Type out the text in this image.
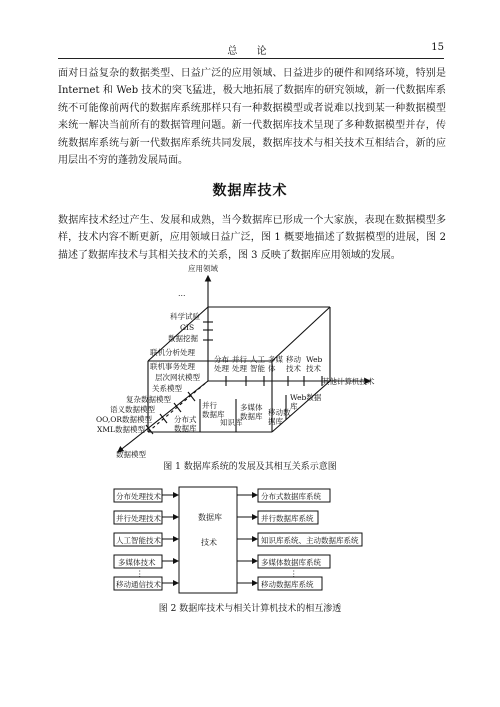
总 论	15

面对日益复杂的数据类型、日益广泛的应用领域、日益进步的硬件和网络环境，特别是Internet 和 Web 技术的突飞猛进，极大地拓展了数据库的研究领域，新一代数据库系统不可能像前两代的数据库系统那样只有一种数据模型或者说难以找到某一种数据模型来统一解决当前所有的数据管理问题。新一代数据库技术呈现了多种数据模型并存，传统数据库系统与新一代数据库系统共同发展，数据库技术与相关技术互相结合，新的应用层出不穷的蓬勃发展局面。

数据库技术

数据库技术经过产生、发展和成熟，当今数据库已形成一个大家族，表现在数据模型多样，技术内容不断更新，应用领域日益广泛，图 1 概要地描述了数据模型的进展，图 2 描述了数据库技术与其相关技术的关系，图 3 反映了数据库应用领域的发展。

应用领域
…
科学试验
GIS
数据挖掘
联机分析处理
联机事务处理
层次网状模型
关系模型
复杂数据模型
语义数据模型
OO,OR数据模型
XML数据模型
数据模型
分布
处理
并行
处理
人工
智能
多媒
体
移动
技术
Web
技术
其他计算机技术
分布式
数据库
并行
数据库
知识库
多媒体
数据库 移动数
据库
Web数据
库
分布处理技术
并行处理技术
人工智能技术
多媒体技术
移动通信技术
⋮
数据库
技术
分布式数据库系统
并行数据库系统
知识库系统、主动数据库系统
多媒体数据库系统
移动数据库系统
⋮
图 1 数据库系统的发展及其相互关系示意图
图 2 数据库技术与相关计算机技术的相互渗透
